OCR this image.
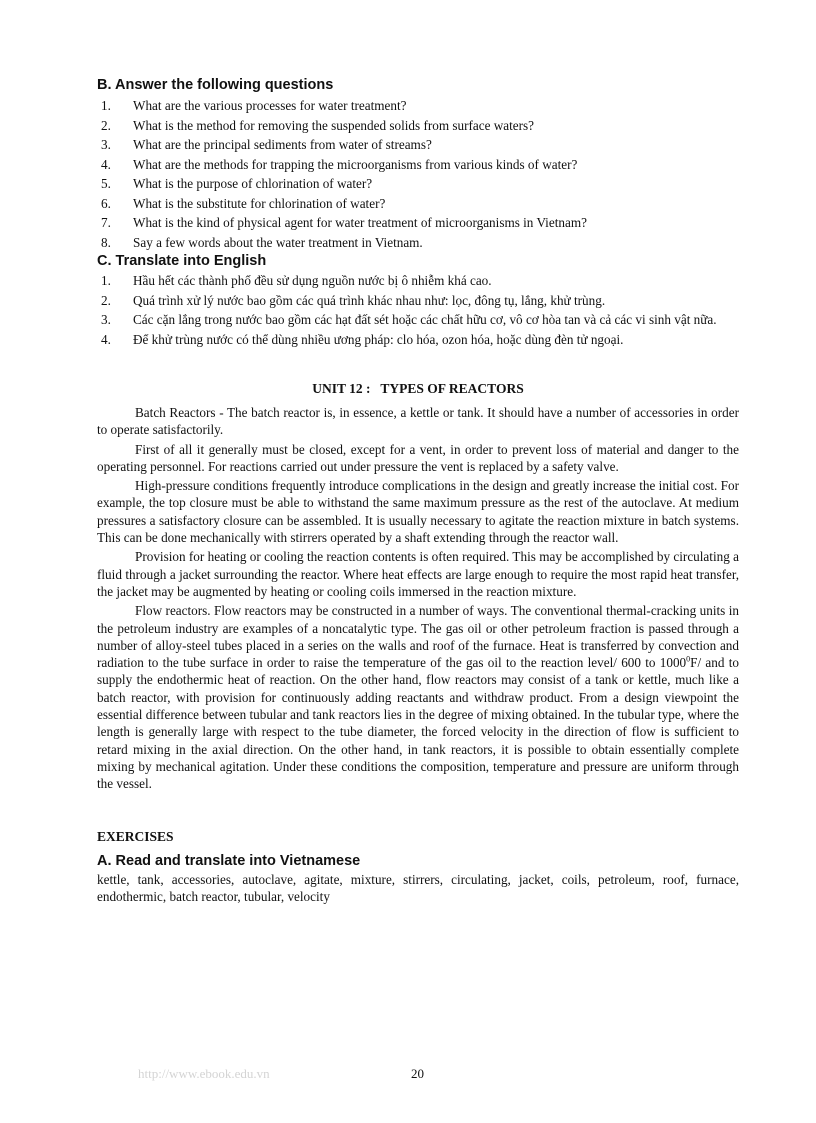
B. Answer the following questions
1.	What are the various processes for water treatment?
2.	What is the method for removing the suspended solids from surface waters?
3.	What are the principal sediments from water of streams?
4.	What are the methods for trapping the microorganisms from various kinds of water?
5.	What is the purpose of chlorination of water?
6.	What is the substitute for chlorination of water?
7.	What is the kind of physical agent for water treatment of microorganisms in Vietnam?
8.	Say a few words about the water treatment in Vietnam.
C. Translate into English
1.	Hầu hết các thành phố đều sử dụng nguồn nước bị ô nhiễm khá cao.
2.	Quá trình xử lý nước bao gồm các quá trình khác nhau như: lọc, đông tụ, lắng, khử trùng.
3.	Các cặn lắng trong nước bao gồm các hạt đất sét hoặc các chất hữu cơ, vô cơ hòa tan và cả các vi sinh vật nữa.
4.	Để khử trùng nước có thể dùng nhiều ương pháp: clo hóa, ozon hóa, hoặc dùng đèn tử ngoại.
UNIT 12 :   TYPES OF REACTORS

Batch Reactors - The batch reactor is, in essence, a kettle or tank. It should have a number of accessories in order to operate satisfactorily.

First of all it generally must be closed, except for a vent, in order to prevent loss of material and danger to the operating personnel. For reactions carried out under pressure the vent is replaced by a safety valve.

High-pressure conditions frequently introduce complications in the design and greatly increase the initial cost. For example, the top closure must be able to withstand the same maximum pressure as the rest of the autoclave. At medium pressures a satisfactory closure can be assembled. It is usually necessary to agitate the reaction mixture in batch systems. This can be done mechanically with stirrers operated by a shaft extending through the reactor wall.

Provision for heating or cooling the reaction contents is often required. This may be accomplished by circulating a fluid through a jacket surrounding the reactor. Where heat effects are large enough to require the most rapid heat transfer, the jacket may be augmented by heating or cooling coils immersed in the reaction mixture.

Flow reactors. Flow reactors may be constructed in a number of ways. The conventional thermal-cracking units in the petroleum industry are examples of a noncatalytic type. The gas oil or other petroleum fraction is passed through a number of alloy-steel tubes placed in a series on the walls and roof of the furnace. Heat is transferred by convection and radiation to the tube surface in order to raise the temperature of the gas oil to the reaction level/ 600 to 1000$^0$F/ and to supply the endothermic heat of reaction. On the other hand, flow reactors may consist of a tank or kettle, much like a batch reactor, with provision for continuously adding reactants and withdraw product. From a design viewpoint the essential difference between tubular and tank reactors lies in the degree of mixing obtained. In the tubular type, where the length is generally large with respect to the tube diameter, the forced velocity in the direction of flow is sufficient to retard mixing in the axial direction. On the other hand, in tank reactors, it is possible to obtain essentially complete mixing by mechanical agitation. Under these conditions the composition, temperature and pressure are uniform through the vessel.

EXERCISES
A. Read and translate into Vietnamese

kettle, tank, accessories, autoclave, agitate, mixture, stirrers, circulating, jacket, coils, petroleum, roof, furnace, endothermic, batch reactor, tubular, velocity

http://www.ebook.edu.vn	20
